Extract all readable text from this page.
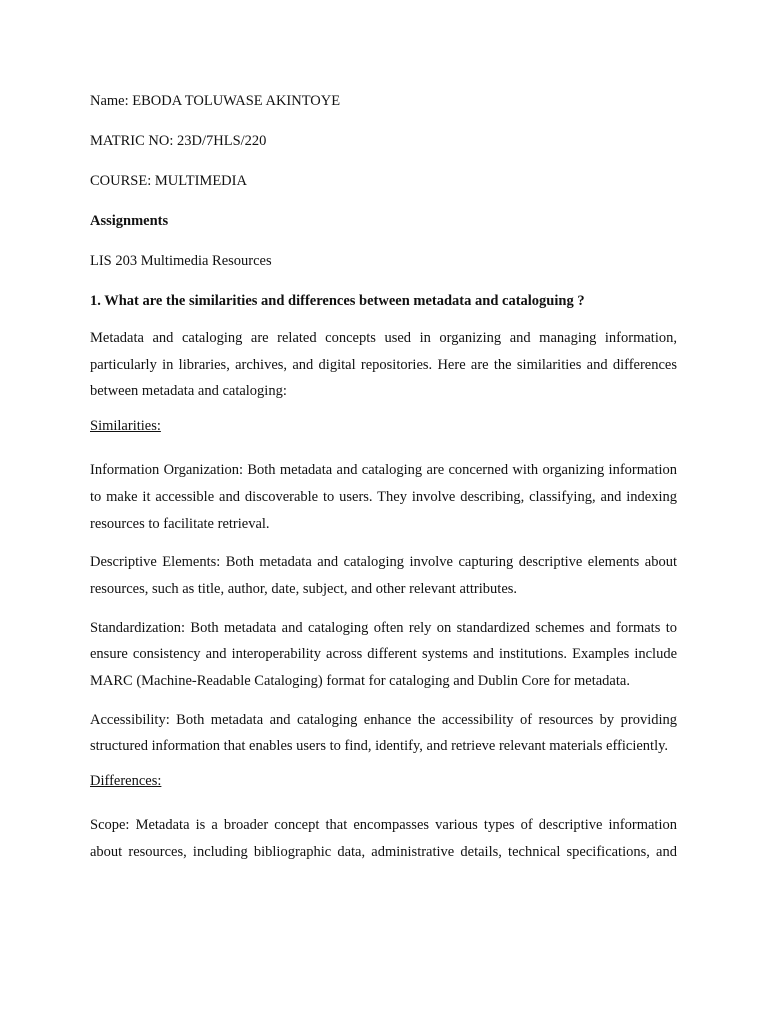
Name: EBODA TOLUWASE AKINTOYE
MATRIC NO: 23D/7HLS/220
COURSE: MULTIMEDIA
Assignments
LIS 203 Multimedia Resources
1. What are the similarities and differences between metadata and cataloguing ?

Metadata and cataloging are related concepts used in organizing and managing information, particularly in libraries, archives, and digital repositories. Here are the similarities and differences between metadata and cataloging:

Similarities:

Information Organization: Both metadata and cataloging are concerned with organizing information to make it accessible and discoverable to users. They involve describing, classifying, and indexing resources to facilitate retrieval.

Descriptive Elements: Both metadata and cataloging involve capturing descriptive elements about resources, such as title, author, date, subject, and other relevant attributes.

Standardization: Both metadata and cataloging often rely on standardized schemes and formats to ensure consistency and interoperability across different systems and institutions. Examples include MARC (Machine-Readable Cataloging) format for cataloging and Dublin Core for metadata.

Accessibility: Both metadata and cataloging enhance the accessibility of resources by providing structured information that enables users to find, identify, and retrieve relevant materials efficiently.

Differences:

Scope: Metadata is a broader concept that encompasses various types of descriptive information about resources, including bibliographic data, administrative details, technical specifications, and
